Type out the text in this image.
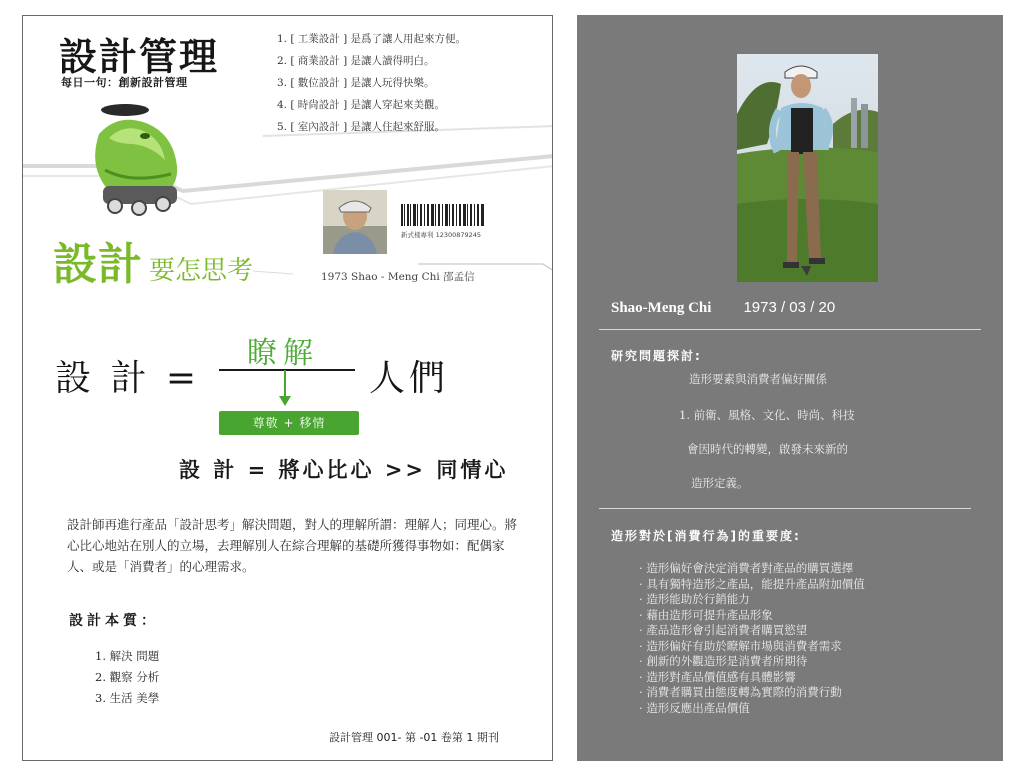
設計管理
每日一句：創新設計管理
1. [ 工業設計 ] 是爲了讓人用起來方便。
2. [ 商業設計 ] 是讓人讀得明白。
3. [ 數位設計 ] 是讓人玩得快樂。
4. [ 時尙設計 ] 是讓人穿起來美觀。
5. [ 室內設計 ] 是讓人住起來舒服。
設計 要怎思考
新式樣專利 12300879245
1973 Shao - Meng Chi 邵孟信
設 計 =
瞭解
人們
尊敬 + 移情
設 計 = 將心比心 >> 同情心

設計師再進行產品「設計思考」解決問題，對人的理解所謂：理解人；同理心。將心比心地站在別人的立場，去理解別人在綜合理解的基礎所獲得事物如：配偶家人、或是「消費者」的心理需求。

設計本質：
1. 解決 問題
2. 觀察 分析
3. 生活 美學
設計管理 001- 第 -01 卷第 1 期刊
Shao-Meng Chi 1973 / 03 / 20
研究問題探討:
造形要素與消費者偏好關係
1. 前衛、風格、文化、時尚、科技
會因時代的轉變，啟發未來新的
造形定義。
造形對於[消費行為]的重要度:
· 造形偏好會決定消費者對產品的購買選擇
· 具有獨特造形之產品，能提升產品附加價值
· 造形能助於行銷能力
· 藉由造形可提升產品形象
· 產品造形會引起消費者購買慾望
· 造形偏好有助於瞭解市場與消費者需求
· 創新的外觀造形是消費者所期待
· 造形對產品價值感有具體影響
· 消費者購買由態度轉為實際的消費行動
· 造形反應出產品價值
